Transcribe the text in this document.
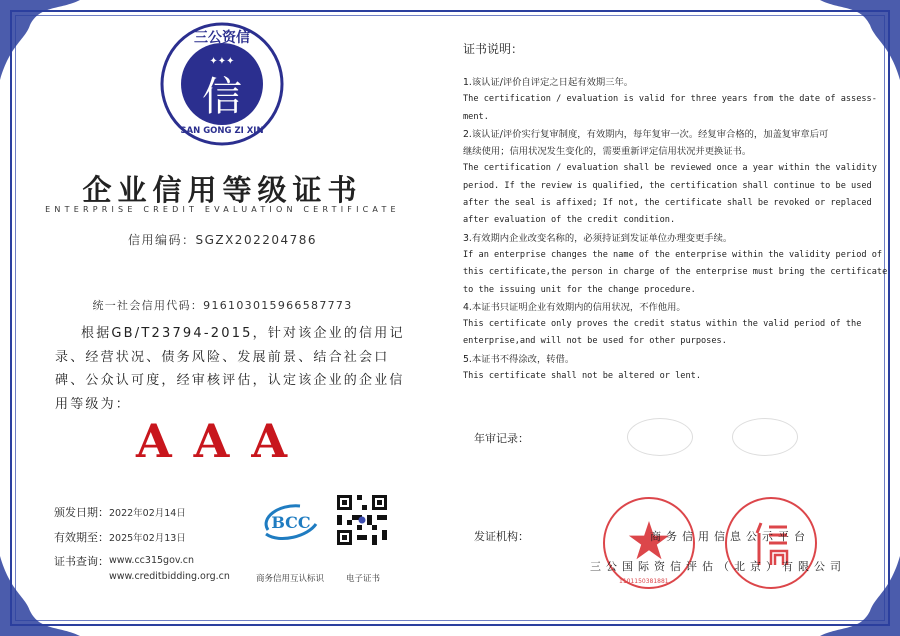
三公资信
SAN GONG ZI XIN
✦✦✦
信
企业信用等级证书
ENTERPRISE CREDIT EVALUATION CERTIFICATE
信用编码：SGZX202204786
统一社会信用代码：916103015966587773
根据GB/T23794-2015，针对该企业的信用记录、经营状况、债务风险、发展前景、结合社会口碑、公众认可度，经审核评估，认定该企业的企业信用等级为：
AAA
颁发日期：2022年02月14日
有效期至：2025年02月13日
证书查询： www.cc315gov.cn
www.creditbidding.org.cn
BCC
商务信用互认标识	电子证书
证书说明：
1.该认证/评价自评定之日起有效期三年。
The certification / evaluation is valid for three years from the date of assess-
ment.
2.该认证/评价实行复审制度，有效期内，每年复审一次。经复审合格的，加盖复审章后可
继续使用；信用状况发生变化的，需要重新评定信用状况并更换证书。
The certification / evaluation shall be reviewed once a year within the validity
period. If the review is qualified, the certification shall continue to be used
after the seal is affixed; If not, the certificate shall be revoked or replaced
after evaluation of the credit condition.
3.有效期内企业改变名称的，必须持证到发证单位办理变更手续。
If an enterprise changes the name of the enterprise within the validity period of
this certificate,the person in charge of the enterprise must bring the certificate
to the issuing unit for the change procedure.
4.本证书只证明企业有效期内的信用状况，不作他用。
This certificate only proves the credit status within the valid period of the
enterprise,and will not be used for other purposes.
5.本证书不得涂改，转借。
This certificate shall not be altered or lent.
年审记录：
发证机构：
1101150381881
商务信用信息公示平台
三公国际资信评估（北京）有限公司
